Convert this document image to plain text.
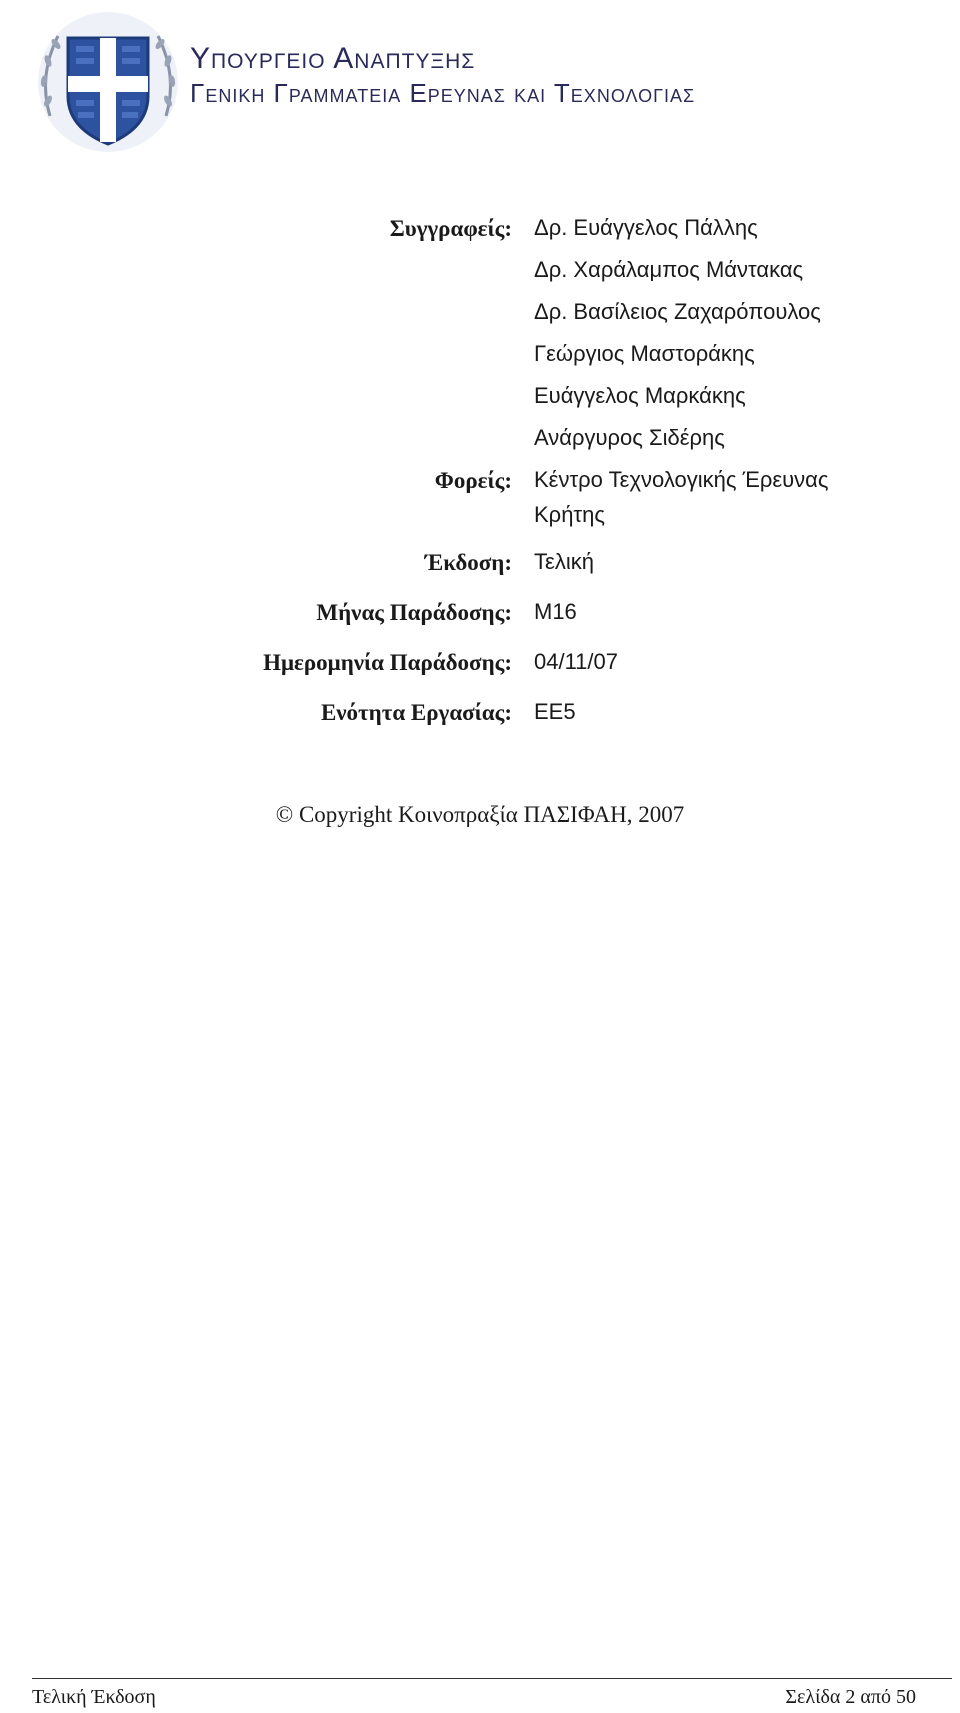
Υπουργειο Αναπτυξης
Γενικη Γραμματεια Ερευνασ και Τεχνολογιασ
Συγγραφείς: Δρ. Ευάγγελος Πάλλης
Δρ. Χαράλαμπος Μάντακας
Δρ. Βασίλειος Ζαχαρόπουλος
Γεώργιος Μαστοράκης
Ευάγγελος Μαρκάκης
Ανάργυρος Σιδέρης
Φορείς: Κέντρο Τεχνολογικής Έρευνας Κρήτης
Έκδοση: Τελική
Μήνας Παράδοσης: M16
Ημερομηνία Παράδοσης: 04/11/07
Ενότητα Εργασίας: ΕΕ5
© Copyright Κοινοπραξία ΠΑΣΙΦΑΗ, 2007
Τελική Έκδοση	Σελίδα 2 από 50
